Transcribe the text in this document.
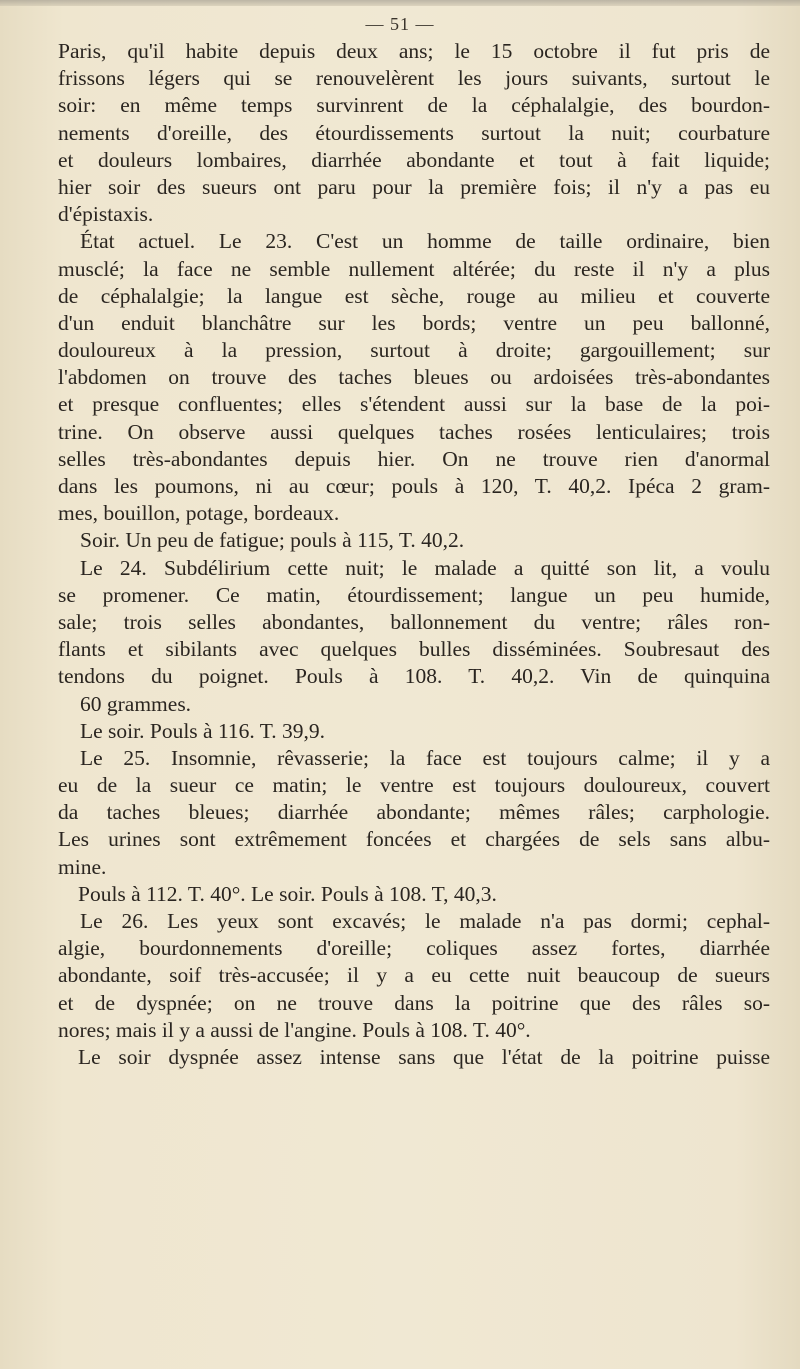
— 51 —
Paris, qu'il habite depuis deux ans; le 15 octobre il fut pris de
frissons légers qui se renouvelèrent les jours suivants, surtout le
soir: en même temps survinrent de la céphalalgie, des bourdon-
nements d'oreille, des étourdissements surtout la nuit; courbature
et douleurs lombaires, diarrhée abondante et tout à fait liquide;
hier soir des sueurs ont paru pour la première fois; il n'y a pas eu
d'épistaxis.
État actuel. Le 23. C'est un homme de taille ordinaire, bien
musclé; la face ne semble nullement altérée; du reste il n'y a plus
de céphalalgie; la langue est sèche, rouge au milieu et couverte
d'un enduit blanchâtre sur les bords; ventre un peu ballonné,
douloureux à la pression, surtout à droite; gargouillement; sur
l'abdomen on trouve des taches bleues ou ardoisées très-abondantes
et presque confluentes; elles s'étendent aussi sur la base de la poi-
trine. On observe aussi quelques taches rosées lenticulaires; trois
selles très-abondantes depuis hier. On ne trouve rien d'anormal
dans les poumons, ni au cœur; pouls à 120, T. 40,2. Ipéca 2 gram-
mes, bouillon, potage, bordeaux.
Soir. Un peu de fatigue; pouls à 115, T. 40,2.
Le 24. Subdélirium cette nuit; le malade a quitté son lit, a voulu
se promener. Ce matin, étourdissement; langue un peu humide,
sale; trois selles abondantes, ballonnement du ventre; râles ron-
flants et sibilants avec quelques bulles disséminées. Soubresaut des
tendons du poignet. Pouls à 108. T. 40,2. Vin de quinquina
60 grammes.
Le soir. Pouls à 116. T. 39,9.
Le 25. Insomnie, rêvasserie; la face est toujours calme; il y a
eu de la sueur ce matin; le ventre est toujours douloureux, couvert
da taches bleues; diarrhée abondante; mêmes râles; carphologie.
Les urines sont extrêmement foncées et chargées de sels sans albu-
mine.
Pouls à 112. T. 40°. Le soir. Pouls à 108. T, 40,3.
Le 26. Les yeux sont excavés; le malade n'a pas dormi; cephal-
algie, bourdonnements d'oreille; coliques assez fortes, diarrhée
abondante, soif très-accusée; il y a eu cette nuit beaucoup de sueurs
et de dyspnée; on ne trouve dans la poitrine que des râles so-
nores; mais il y a aussi de l'angine. Pouls à 108. T. 40°.
Le soir dyspnée assez intense sans que l'état de la poitrine puisse
